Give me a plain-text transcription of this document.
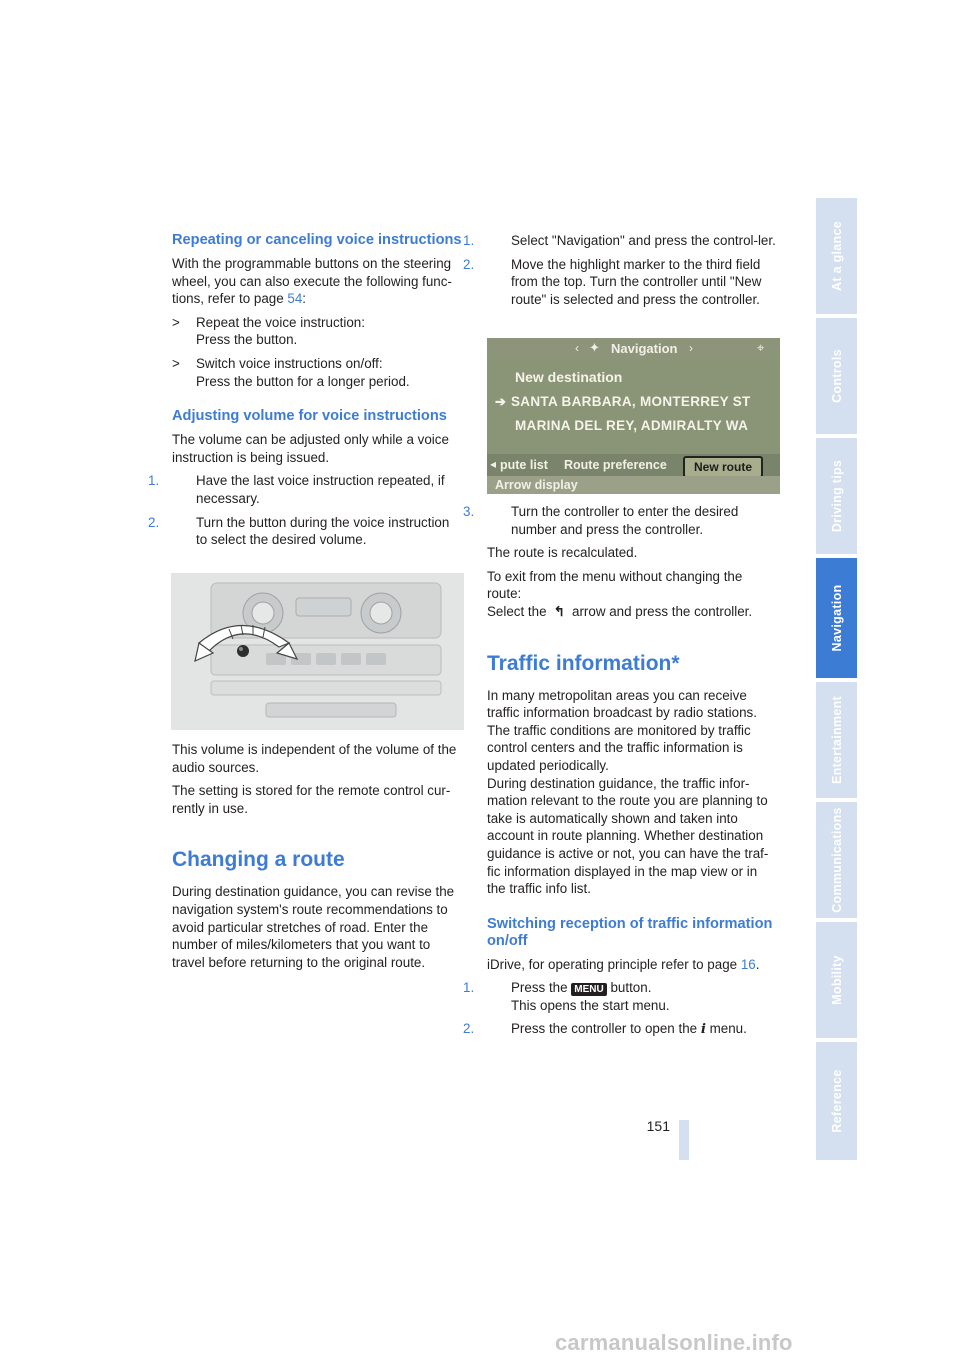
Repeating or canceling voice instructions

With the programmable buttons on the steering wheel, you can also execute the following func-tions, refer to page 54:

> Repeat the voice instruction:
Press the button.
> Switch voice instructions on/off:
Press the button for a longer period.
Adjusting volume for voice instructions

The volume can be adjusted only while a voice instruction is being issued.

1.	Have the last voice instruction repeated, if necessary.
2.	Turn the button during the voice instruction to select the desired volume.

This volume is independent of the volume of the audio sources.

The setting is stored for the remote control cur-rently in use.

Changing a route

During destination guidance, you can revise the navigation system's route recommendations to avoid particular stretches of road. Enter the number of miles/kilometers that you want to travel before returning to the original route.

1.	Select "Navigation" and press the control-ler.
2.	Move the highlight marker to the third field from the top. Turn the controller until "New route" is selected and press the controller.
‹ ✦ Navigation ›	⌖
New destination
➔ SANTA BARBARA, MONTERREY ST
MARINA DEL REY, ADMIRALTY WA
◂ pute list Route preference	New route
Arrow display
3.	Turn the controller to enter the desired number and press the controller.

The route is recalculated.

To exit from the menu without changing the route:
Select the ↰ arrow and press the controller.

Traffic information*

In many metropolitan areas you can receive traffic information broadcast by radio stations. The traffic conditions are monitored by traffic control centers and the traffic information is updated periodically.

During destination guidance, the traffic infor-mation relevant to the route you are planning to take is automatically shown and taken into account in route planning. Whether destination guidance is active or not, you can have the traf-fic information displayed in the map view or in the traffic info list.

Switching reception of traffic information on/off

iDrive, for operating principle refer to page 16.

1.	Press the MENU button.
This opens the start menu.
2.	Press the controller to open the i menu.
At a glance
Controls
Driving tips
Navigation
Entertainment
Communications
Mobility
Reference
151
carmanualsonline.info
